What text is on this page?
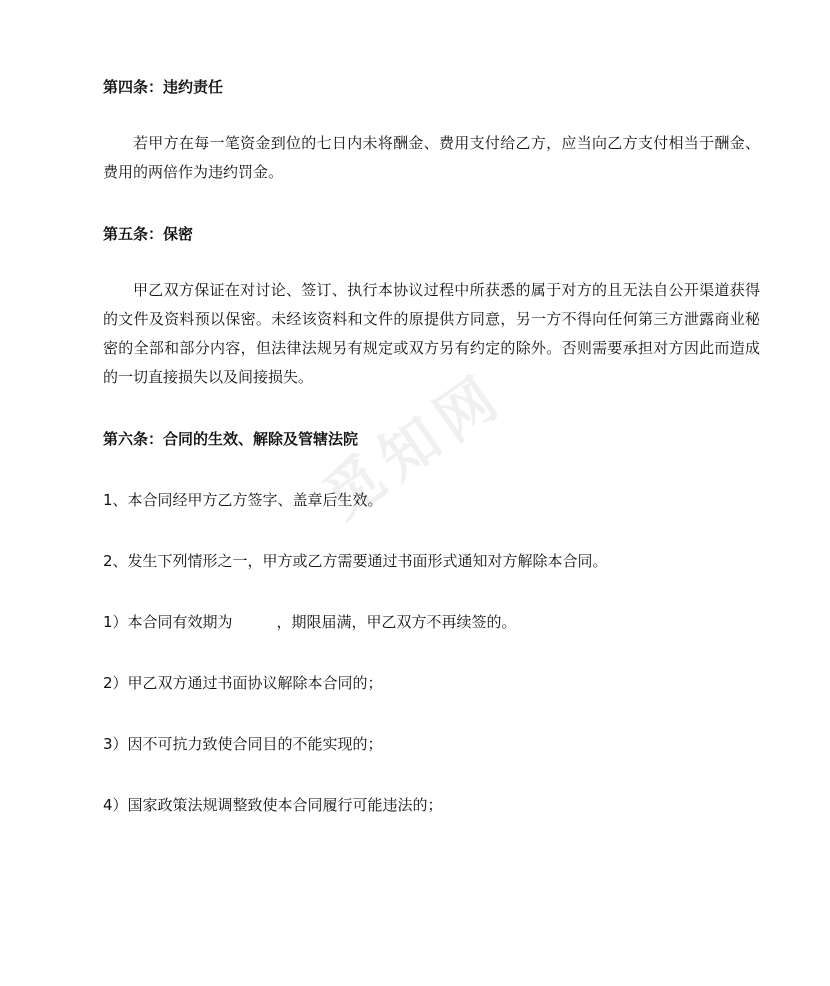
觅知网

第四条：违约责任

若甲方在每一笔资金到位的七日内未将酬金、费用支付给乙方，应当向乙方支付相当于酬金、费用的两倍作为违约罚金。

第五条：保密

甲乙双方保证在对讨论、签订、执行本协议过程中所获悉的属于对方的且无法自公开渠道获得的文件及资料预以保密。未经该资料和文件的原提供方同意，另一方不得向任何第三方泄露商业秘密的全部和部分内容，但法律法规另有规定或双方另有约定的除外。否则需要承担对方因此而造成的一切直接损失以及间接损失。

第六条：合同的生效、解除及管辖法院

1、本合同经甲方乙方签字、盖章后生效。

2、发生下列情形之一，甲方或乙方需要通过书面形式通知对方解除本合同。

1）本合同有效期为	，期限届满，甲乙双方不再续签的。

2）甲乙双方通过书面协议解除本合同的；

3）因不可抗力致使合同目的不能实现的；

4）国家政策法规调整致使本合同履行可能违法的；
